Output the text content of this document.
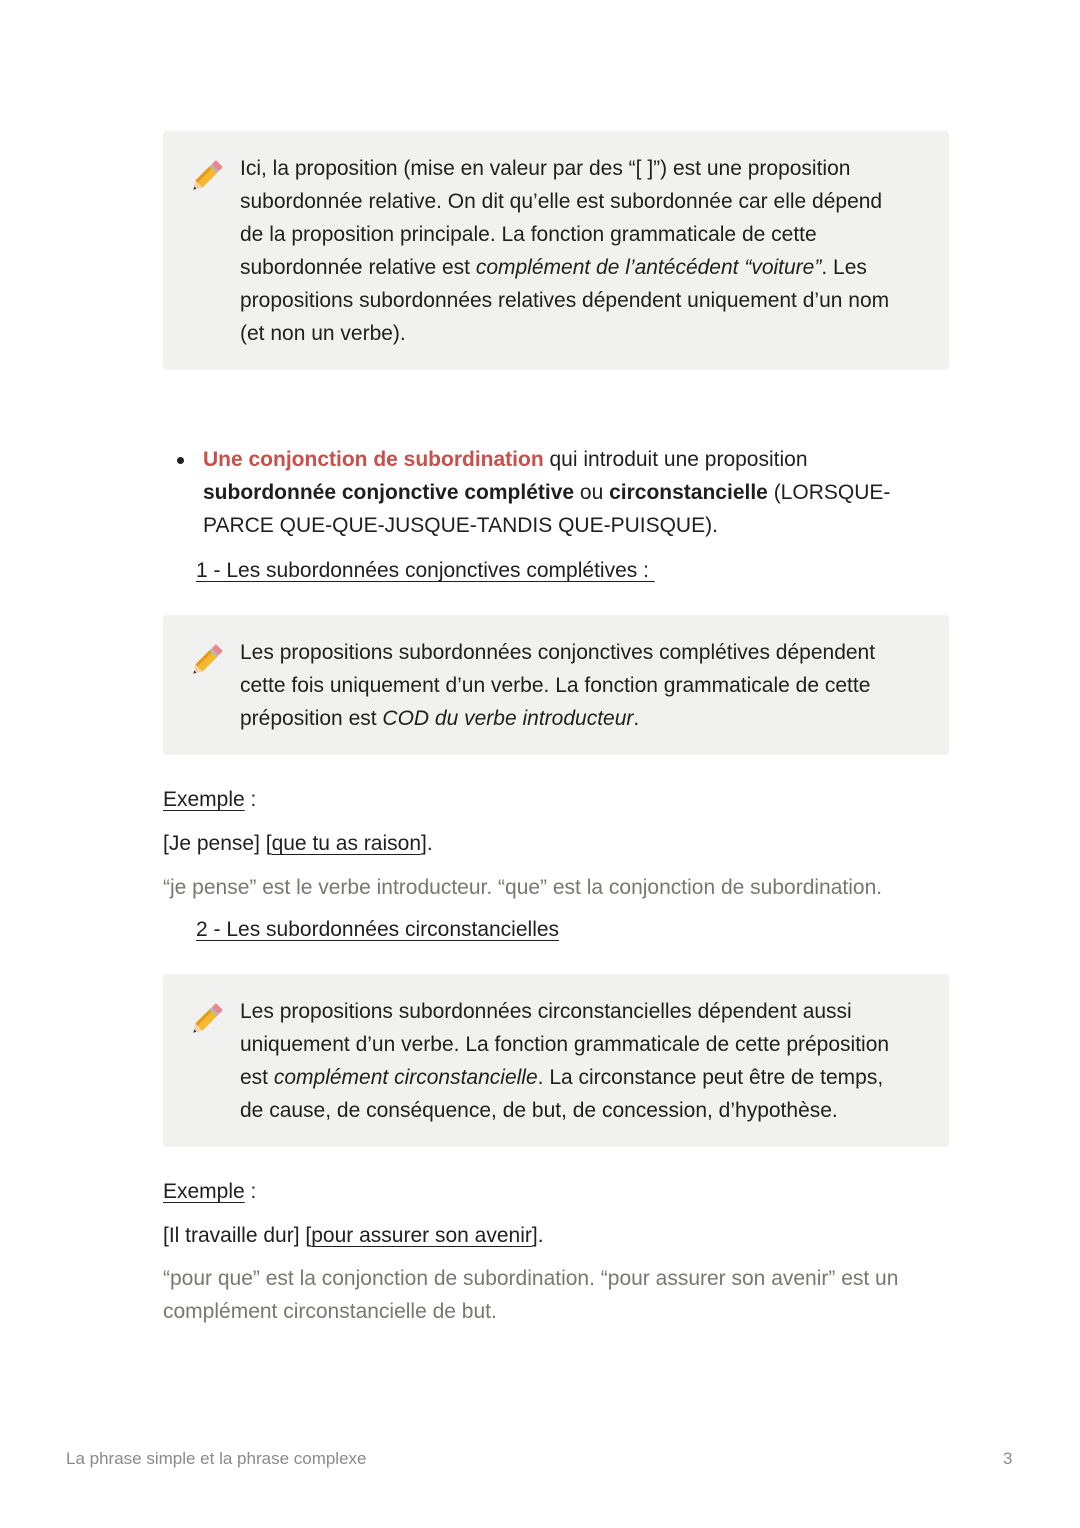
Ici, la proposition (mise en valeur par des “[ ]”) est une proposition
subordonnée relative. On dit qu’elle est subordonnée car elle dépend
de la proposition principale. La fonction grammaticale de cette
subordonnée relative est complément de l’antécédent “voiture”. Les
propositions subordonnées relatives dépendent uniquement d’un nom
(et non un verbe).
Une conjonction de subordination qui introduit une proposition
subordonnée conjonctive complétive ou circonstancielle (LORSQUE-
PARCE QUE-QUE-JUSQUE-TANDIS QUE-PUISQUE).
1 - Les subordonnées conjonctives complétives :
Les propositions subordonnées conjonctives complétives dépendent
cette fois uniquement d’un verbe. La fonction grammaticale de cette
préposition est COD du verbe introducteur.
Exemple :
[Je pense] [que tu as raison].
“je pense” est le verbe introducteur. “que” est la conjonction de subordination.
2 - Les subordonnées circonstancielles
Les propositions subordonnées circonstancielles dépendent aussi
uniquement d’un verbe. La fonction grammaticale de cette préposition
est complément circonstancielle. La circonstance peut être de temps,
de cause, de conséquence, de but, de concession, d’hypothèse.
Exemple :
[Il travaille dur] [pour assurer son avenir].
“pour que” est la conjonction de subordination. “pour assurer son avenir” est un
complément circonstancielle de but.
La phrase simple et la phrase complexe	3
